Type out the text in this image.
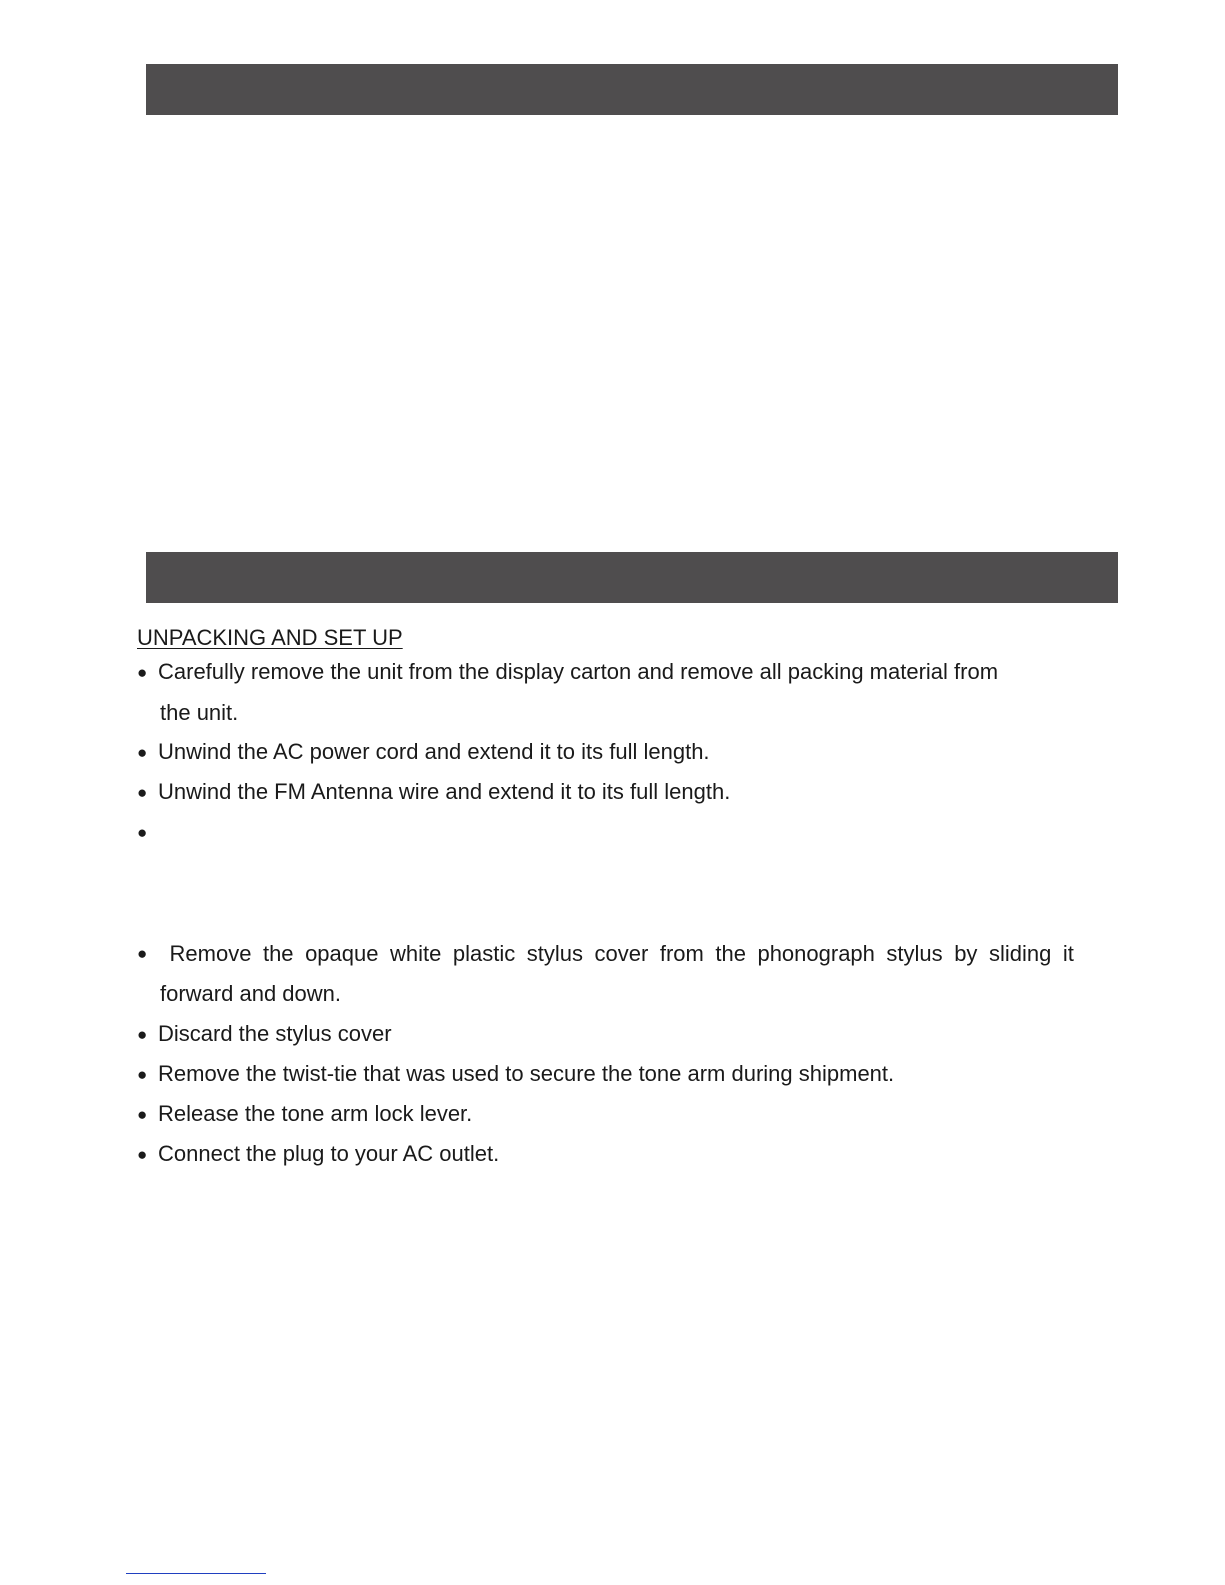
UNPACKING AND SET UP
● Carefully remove the unit from the display carton and remove all packing material from
the unit.
● Unwind the AC power cord and extend it to its full length.
● Unwind the FM Antenna wire and extend it to its full length.
●
●	Remove the opaque white plastic stylus cover from the phonograph stylus by sliding it
forward and down.
● Discard the stylus cover
● Remove the twist-tie that was used to secure the tone arm during shipment.
● Release the tone arm lock lever.
● Connect the plug to your AC outlet.
